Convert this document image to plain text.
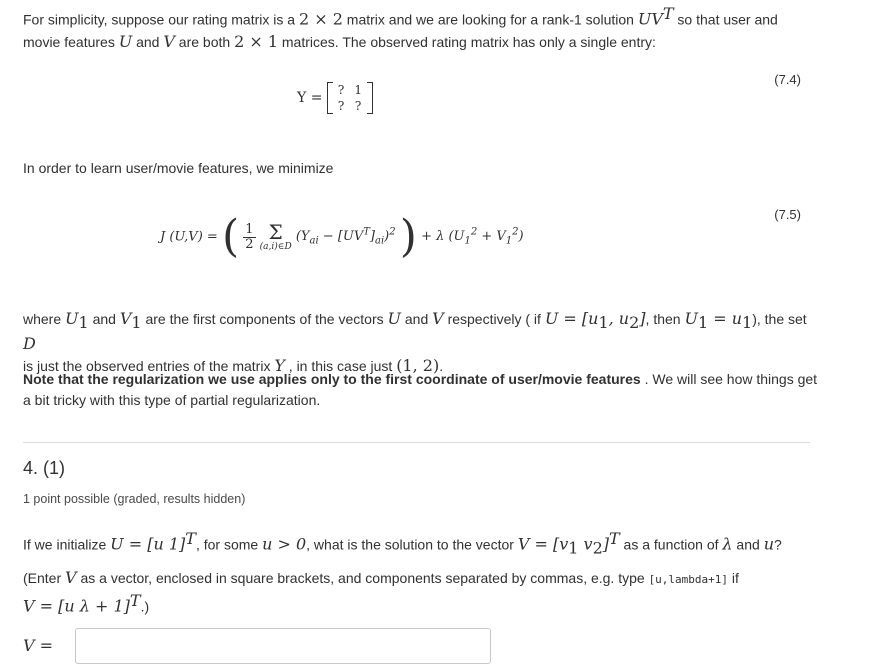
For simplicity, suppose our rating matrix is a 2 × 2 matrix and we are looking for a rank-1 solution $UV^T$ so that user and
movie features U and V are both 2 × 1 matrices. The observed rating matrix has only a single entry:
Y = ?	1
?	?
(7.4)
In order to learn user/movie features, we minimize
J (U,V) = ( $\frac{1}{2}$
Σ
(a,i)∈D
$(Y_{ai} - [UV^T]_{ai})^2$ ) + λ $(U_1^2 + V_1^2)$
(7.5)
where $U_1$ and $V_1$ are the first components of the vectors U and V respectively ( if $U = [u_1$, $u_2$], then $U_1 = u_1$), the set D
is just the observed entries of the matrix Y , in this case just (1, 2).
Note that the regularization we use applies only to the first coordinate of user/movie features . We will see how things get a bit tricky with this type of partial regularization.
4. (1)
1 point possible (graded, results hidden)
If we initialize U = [u 1]$^T$, for some u > 0, what is the solution to the vector $V = [v_1$ $v_2]^T$ as a function of λ and u?
(Enter V as a vector, enclosed in square brackets, and components separated by commas, e.g. type [u,lambda+1] if
V = [u λ + 1]$^T$.)
V =
